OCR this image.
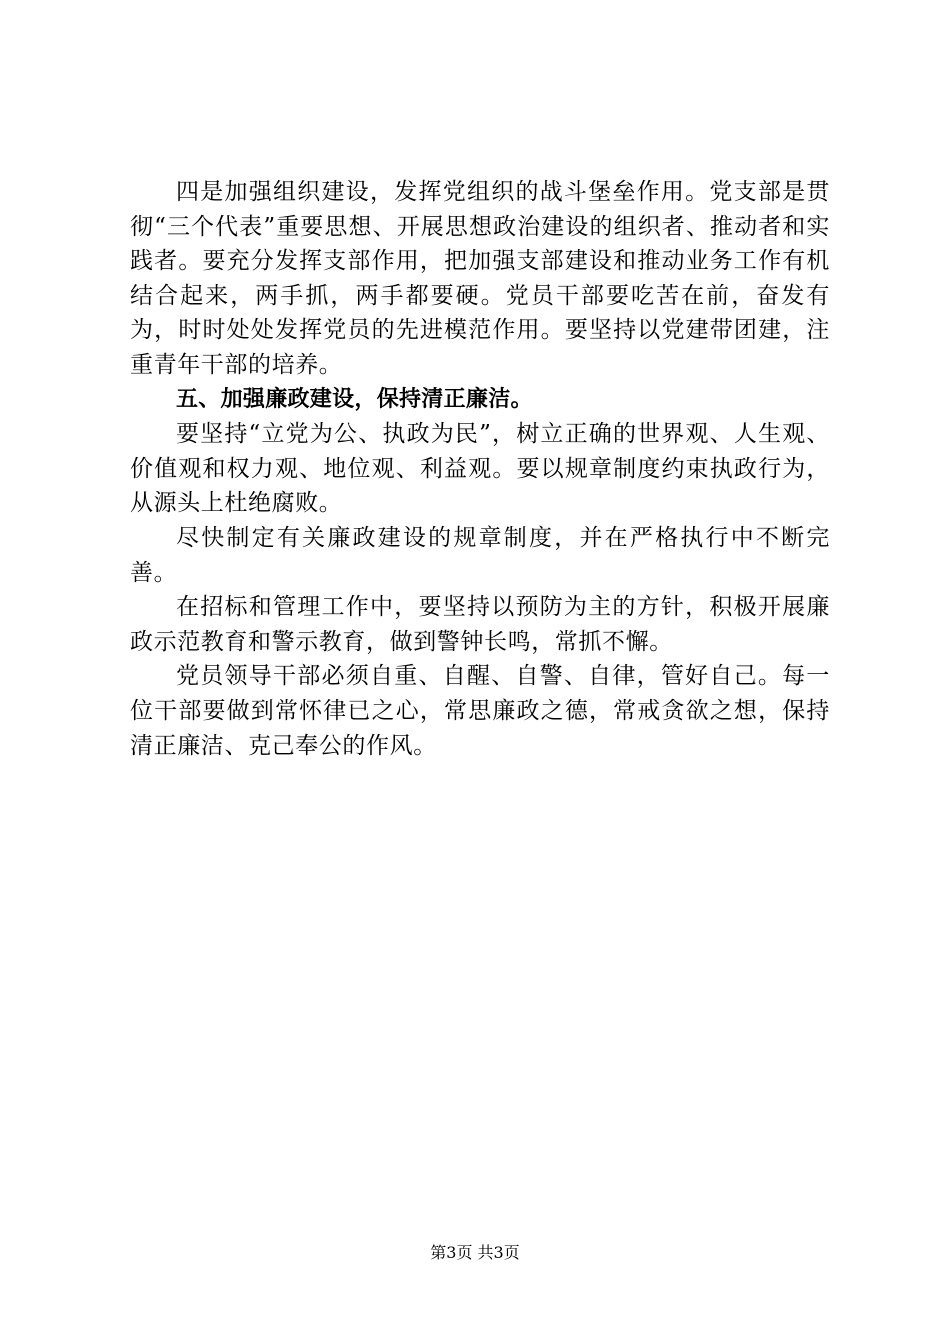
四是加强组织建设，发挥党组织的战斗堡垒作用。党支部是贯彻“三个代表”重要思想、开展思想政治建设的组织者、推动者和实践者。要充分发挥支部作用，把加强支部建设和推动业务工作有机结合起来，两手抓，两手都要硬。党员干部要吃苦在前，奋发有为，时时处处发挥党员的先进模范作用。要坚持以党建带团建，注重青年干部的培养。

五、加强廉政建设，保持清正廉洁。

要坚持“立党为公、执政为民”，树立正确的世界观、人生观、价值观和权力观、地位观、利益观。要以规章制度约束执政行为，从源头上杜绝腐败。

尽快制定有关廉政建设的规章制度，并在严格执行中不断完善。

在招标和管理工作中，要坚持以预防为主的方针，积极开展廉政示范教育和警示教育，做到警钟长鸣，常抓不懈。

党员领导干部必须自重、自醒、自警、自律，管好自己。每一位干部要做到常怀律已之心，常思廉政之德，常戒贪欲之想，保持清正廉洁、克己奉公的作风。

第3页 共3页
